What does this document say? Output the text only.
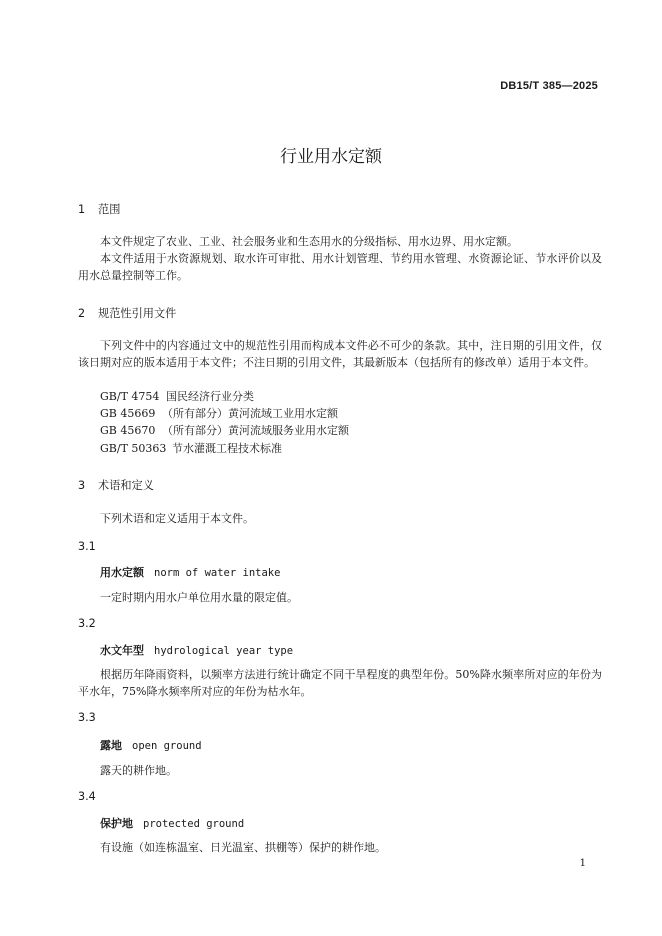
DB15/T 385—2025
行业用水定额
1 范围
本文件规定了农业、工业、社会服务业和生态用水的分级指标、用水边界、用水定额。
本文件适用于水资源规划、取水许可审批、用水计划管理、节约用水管理、水资源论证、节水评价以及用水总量控制等工作。
2 规范性引用文件
下列文件中的内容通过文中的规范性引用而构成本文件必不可少的条款。其中，注日期的引用文件，仅该日期对应的版本适用于本文件；不注日期的引用文件，其最新版本（包括所有的修改单）适用于本文件。
GB/T 4754 国民经济行业分类
GB 45669 （所有部分）黄河流域工业用水定额
GB 45670 （所有部分）黄河流域服务业用水定额
GB/T 50363 节水灌溉工程技术标准
3 术语和定义
下列术语和定义适用于本文件。
3.1
用水定额 norm of water intake
一定时期内用水户单位用水量的限定值。
3.2
水文年型 hydrological year type
根据历年降雨资料，以频率方法进行统计确定不同干旱程度的典型年份。50%降水频率所对应的年份为平水年，75%降水频率所对应的年份为枯水年。
3.3
露地 open ground
露天的耕作地。
3.4
保护地 protected ground
有设施（如连栋温室、日光温室、拱棚等）保护的耕作地。
1
